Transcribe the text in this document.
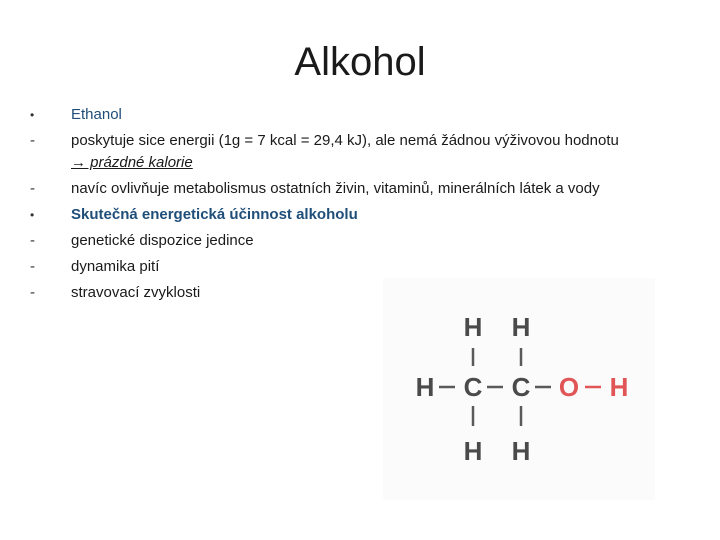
Alkohol
•	Ethanol
-	poskytuje sice energii (1g = 7 kcal = 29,4 kJ), ale nemá žádnou výživovou hodnotu
→ prázdné kalorie
-	navíc ovlivňuje metabolismus ostatních živin, vitaminů, minerálních látek a vody
•	Skutečná energetická účinnost alkoholu
-	genetické dispozice jedince
-	dynamika pití
-	stravovací zvyklosti
H H
H C C O H
H H
